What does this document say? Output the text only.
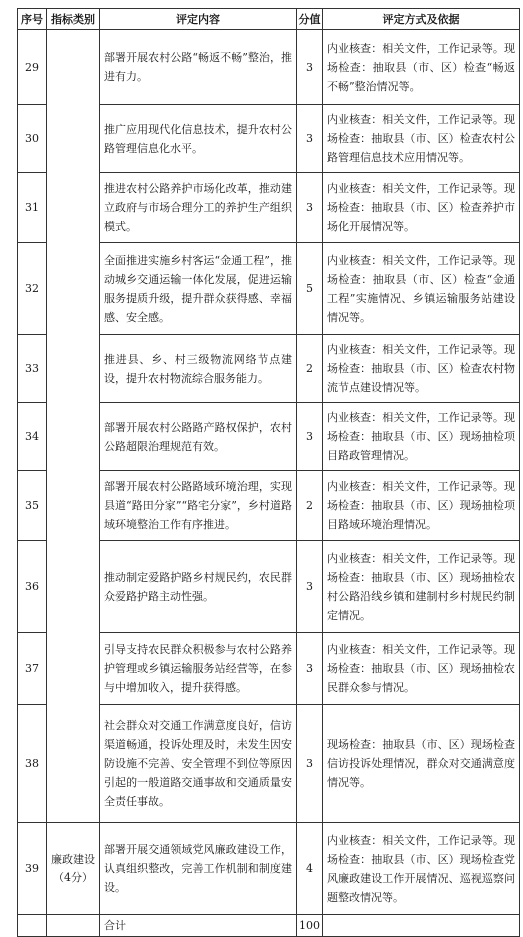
序号	指标类别	评定内容	分值	评定方式及依据
29		部署开展农村公路“畅返不畅”整治，推进有力。	3	内业核查：相关文件，工作记录等。现场检查：抽取县（市、区）检查“畅返不畅”整治情况等。
30		推广应用现代化信息技术，提升农村公路管理信息化水平。	3	内业核查：相关文件，工作记录等。现场检查：抽取县（市、区）检查农村公路管理信息技术应用情况等。
31		推进农村公路养护市场化改革，推动建立政府与市场合理分工的养护生产组织模式。	3	内业核查：相关文件，工作记录等。现场检查：抽取县（市、区）检查养护市场化开展情况等。
32		全面推进实施乡村客运“金通工程”，推动城乡交通运输一体化发展，促进运输服务提质升级，提升群众获得感、幸福感、安全感。	5	内业核查：相关文件，工作记录等。现场检查：抽取县（市、区）检查“金通工程”实施情况、乡镇运输服务站建设情况等。
33		推进县、乡、村三级物流网络节点建设，提升农村物流综合服务能力。	2	内业核查：相关文件，工作记录等。现场检查：抽取县（市、区）检查农村物流节点建设情况等。
34		部署开展农村公路路产路权保护，农村公路超限治理规范有效。	3	内业核查：相关文件，工作记录等。现场检查：抽取县（市、区）现场抽检项目路政管理情况。
35		部署开展农村公路路域环境治理，实现县道“路田分家”“路宅分家”，乡村道路域环境整治工作有序推进。	2	内业核查：相关文件，工作记录等。现场检查：抽取县（市、区）现场抽检项目路域环境治理情况。
36		推动制定爱路护路乡村规民约，农民群众爱路护路主动性强。	3	内业核查：相关文件，工作记录等。现场检查：抽取县（市、区）现场抽检农村公路沿线乡镇和建制村乡村规民约制定情况。
37		引导支持农民群众积极参与农村公路养护管理或乡镇运输服务站经营等，在参与中增加收入，提升获得感。	3	内业核查：相关文件，工作记录等。现场检查：抽取县（市、区）现场抽检农民群众参与情况。
38		社会群众对交通工作满意度良好，信访渠道畅通，投诉处理及时，未发生因安防设施不完善、安全管理不到位等原因引起的一般道路交通事故和交通质量安全责任事故。	3	现场检查：抽取县（市、区）现场检查信访投诉处理情况，群众对交通满意度情况等。
39	廉政建设（4分）	部署开展交通领域党风廉政建设工作，认真组织整改，完善工作机制和制度建设。	4	内业核查：相关文件，工作记录等。现场检查：抽取县（市、区）现场检查党风廉政建设工作开展情况、巡视巡察问题整改情况等。
		合计	100	
